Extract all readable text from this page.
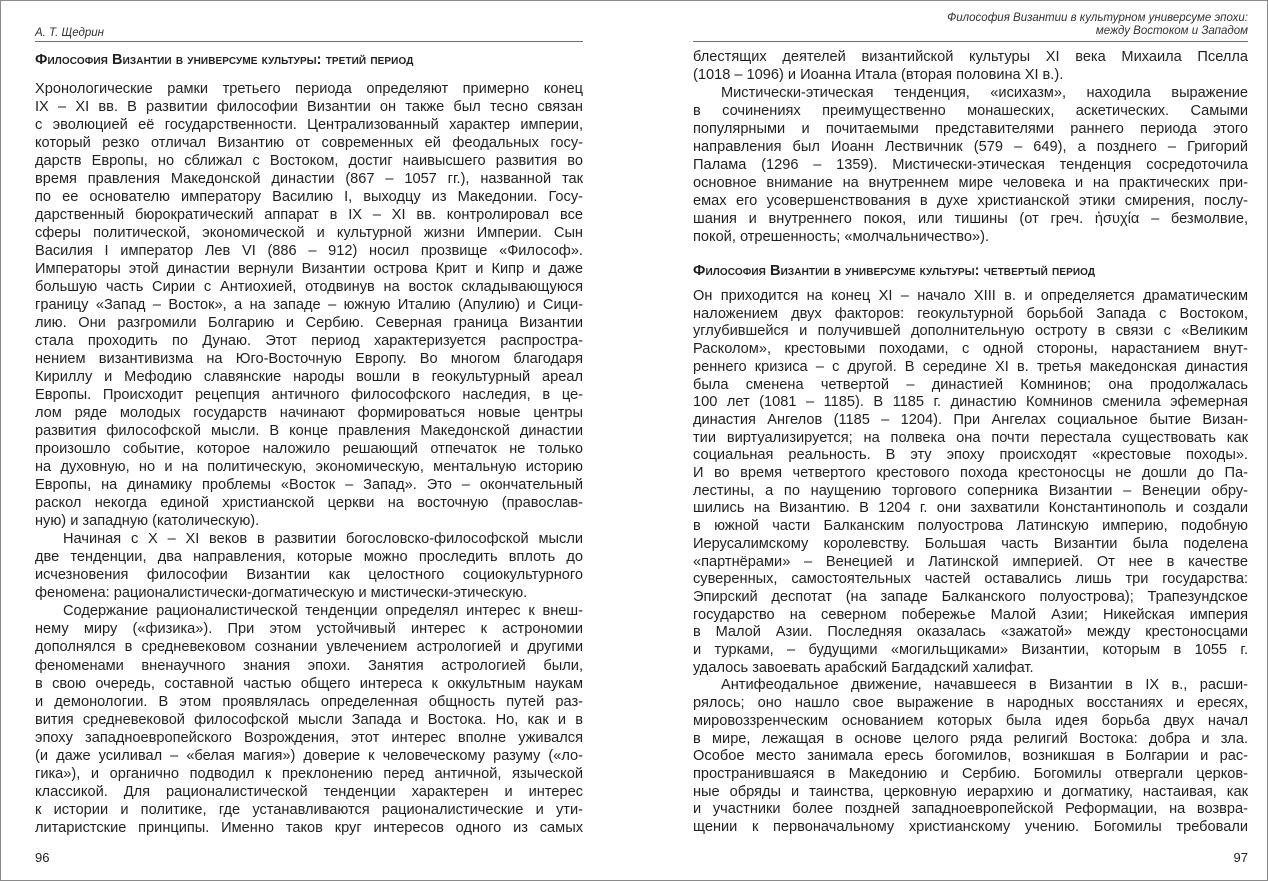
А. Т. Щедрин
Философия Византии в универсуме культуры: третий период
Хронологические рамки третьего периода определяют примерно конец
IX – XI вв. В развитии философии Византии он также был тесно связан
с эволюцией её государственности. Централизованный характер империи,
который резко отличал Византию от современных ей феодальных госу-
дарств Европы, но сближал с Востоком, достиг наивысшего развития во
время правления Македонской династии (867 – 1057 гг.), названной так
по ее основателю императору Василию I, выходцу из Македонии. Госу-
дарственный бюрократический аппарат в IX – XI вв. контролировал все
сферы политической, экономической и культурной жизни Империи. Сын
Василия I император Лев VI (886 – 912) носил прозвище «Философ».
Императоры этой династии вернули Византии острова Крит и Кипр и даже
большую часть Сирии с Антиохией, отодвинув на восток складывающуюся
границу «Запад – Восток», а на западе – южную Италию (Апулию) и Сици-
лию. Они разгромили Болгарию и Сербию. Северная граница Византии
стала проходить по Дунаю. Этот период характеризуется распростра-
нением византивизма на Юго-Восточную Европу. Во многом благодаря
Кириллу и Мефодию славянские народы вошли в геокультурный ареал
Европы. Происходит рецепция античного философского наследия, в це-
лом ряде молодых государств начинают формироваться новые центры
развития философской мысли. В конце правления Македонской династии
произошло событие, которое наложило решающий отпечаток не только
на духовную, но и на политическую, экономическую, ментальную историю
Европы, на динамику проблемы «Восток – Запад». Это – окончательный
раскол некогда единой христианской церкви на восточную (православ-
ную) и западную (католическую).
Начиная с X – XI веков в развитии богословско-философской мысли
две тенденции, два направления, которые можно проследить вплоть до
исчезновения философии Византии как целостного социокультурного
феномена: рационалистически-догматическую и мистически-этическую.
Содержание рационалистической тенденции определял интерес к внеш-
нему миру («физика»). При этом устойчивый интерес к астрономии
дополнялся в средневековом сознании увлечением астрологией и другими
феноменами вненаучного знания эпохи. Занятия астрологией были,
в свою очередь, составной частью общего интереса к оккультным наукам
и демонологии. В этом проявлялась определенная общность путей раз-
вития средневековой философской мысли Запада и Востока. Но, как и в
эпоху западноевропейского Возрождения, этот интерес вполне уживался
(и даже усиливал – «белая магия») доверие к человеческому разуму («ло-
гика»), и органично подводил к преклонению перед античной, языческой
классикой. Для рационалистической тенденции характерен и интерес
к истории и политике, где устанавливаются рационалистические и ути-
литаристские принципы. Именно таков круг интересов одного из самых
96
Философия Византии в культурном универсуме эпохи:
между Востоком и Западом
блестящих деятелей византийской культуры XI века Михаила Пселла
(1018 – 1096) и Иоанна Итала (вторая половина XI в.).
Мистически-этическая тенденция, «исихазм», находила выражение
в сочинениях преимущественно монашеских, аскетических. Самыми
популярными и почитаемыми представителями раннего периода этого
направления был Иоанн Лествичник (579 – 649), а позднего – Григорий
Палама (1296 – 1359). Мистически-этическая тенденция сосредоточила
основное внимание на внутреннем мире человека и на практических при-
емах его усовершенствования в духе христианской этики смирения, послу-
шания и внутреннего покоя, или тишины (от греч. ἡσυχία – безмолвие,
покой, отрешенность; «молчальничество»).
Философия Византии в универсуме культуры: четвертый период
Он приходится на конец XI – начало XIII в. и определяется драматическим
наложением двух факторов: геокультурной борьбой Запада с Востоком,
углубившейся и получившей дополнительную остроту в связи с «Великим
Расколом», крестовыми походами, с одной стороны, нарастанием внут-
реннего кризиса – с другой. В середине XI в. третья македонская династия
была сменена четвертой – династией Комнинов; она продолжалась
100 лет (1081 – 1185). В 1185 г. династию Комнинов сменила эфемерная
династия Ангелов (1185 – 1204). При Ангелах социальное бытие Визан-
тии виртуализируется; на полвека она почти перестала существовать как
социальная реальность. В эту эпоху происходят «крестовые походы».
И во время четвертого крестового похода крестоносцы не дошли до Па-
лестины, а по наущению торгового соперника Византии – Венеции обру-
шились на Византию. В 1204 г. они захватили Константинополь и создали
в южной части Балканским полуострова Латинскую империю, подобную
Иерусалимскому королевству. Большая часть Византии была поделена
«партнёрами» – Венецией и Латинской империей. От нее в качестве
суверенных, самостоятельных частей оставались лишь три государства:
Эпирский деспотат (на западе Балканского полуострова); Трапезундское
государство на северном побережье Малой Азии; Никейская империя
в Малой Азии. Последняя оказалась «зажатой» между крестоносцами
и турками, – будущими «могильщиками» Византии, которым в 1055 г.
удалось завоевать арабский Багдадский халифат.
Антифеодальное движение, начавшееся в Византии в IX в., расши-
рялось; оно нашло свое выражение в народных восстаниях и ересях,
мировоззренческим основанием которых была идея борьба двух начал
в мире, лежащая в основе целого ряда религий Востока: добра и зла.
Особое место занимала ересь богомилов, возникшая в Болгарии и рас-
пространившаяся в Македонию и Сербию. Богомилы отвергали церков-
ные обряды и таинства, церковную иерархию и догматику, настаивая, как
и участники более поздней западноевропейской Реформации, на возвра-
щении к первоначальному христианскому учению. Богомилы требовали
97
